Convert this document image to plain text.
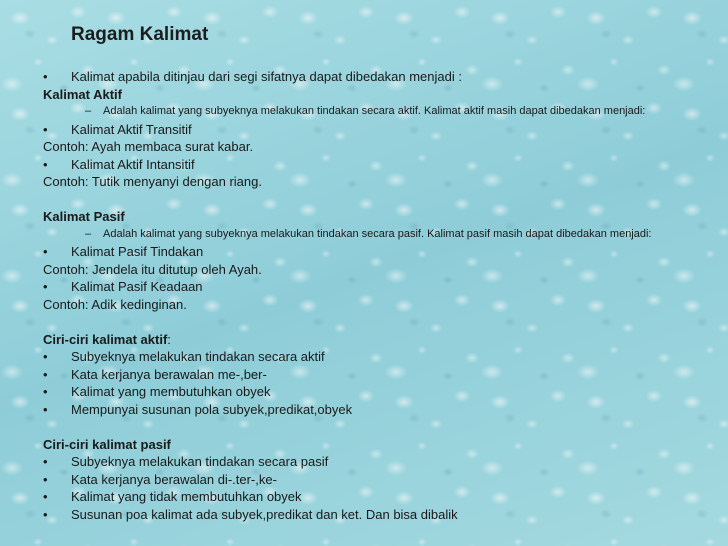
Ragam Kalimat
•	Kalimat apabila ditinjau dari segi sifatnya dapat dibedakan menjadi :
Kalimat Aktif
– Adalah kalimat yang subyeknya melakukan tindakan secara aktif. Kalimat aktif masih dapat dibedakan menjadi:
•	Kalimat Aktif Transitif
Contoh: Ayah membaca surat kabar.
•	Kalimat Aktif Intansitif
Contoh: Tutik menyanyi dengan riang.
Kalimat Pasif
– Adalah kalimat yang subyeknya melakukan tindakan secara pasif. Kalimat pasif masih dapat dibedakan menjadi:
•	Kalimat Pasif Tindakan
Contoh: Jendela itu ditutup oleh Ayah.
•	Kalimat Pasif Keadaan
Contoh: Adik kedinginan.
Ciri-ciri kalimat aktif:
•	Subyeknya melakukan tindakan secara aktif
•	Kata kerjanya berawalan me-,ber-
•	Kalimat yang membutuhkan obyek
•	Mempunyai susunan pola subyek,predikat,obyek
Ciri-ciri kalimat pasif
•	Subyeknya melakukan tindakan secara pasif
•	Kata kerjanya berawalan di-.ter-,ke-
•	Kalimat yang tidak membutuhkan obyek
•	Susunan poa kalimat ada subyek,predikat dan ket. Dan bisa dibalik
